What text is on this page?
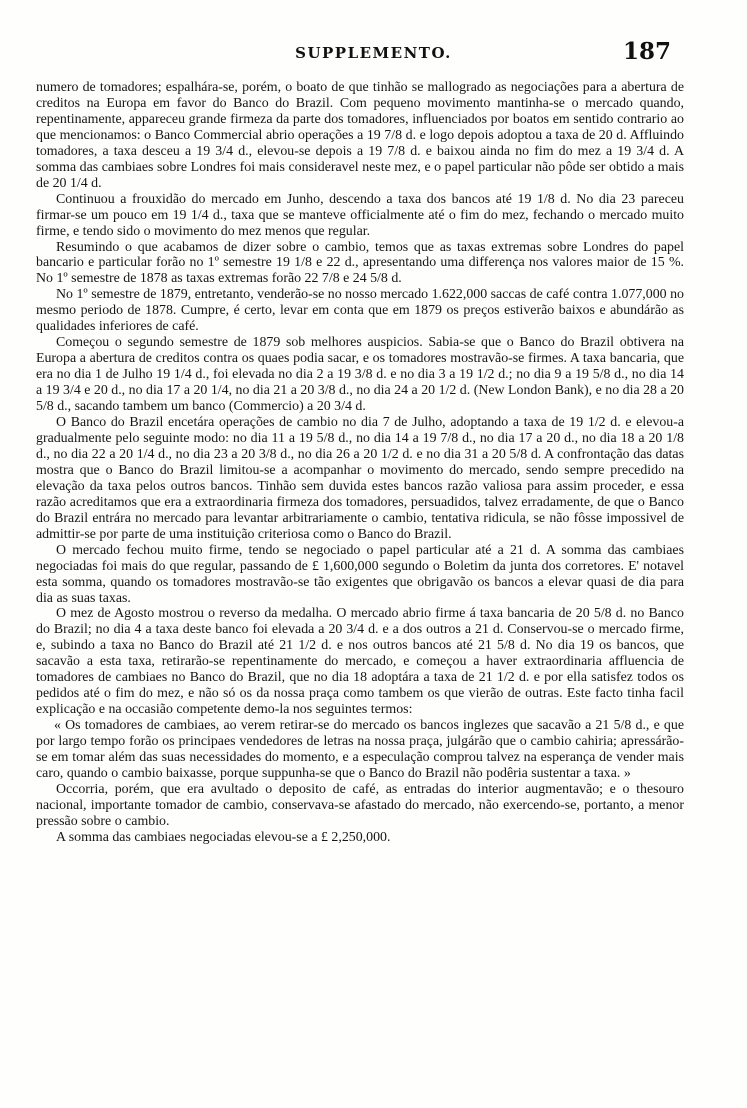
SUPPLEMENTO.	187

numero de tomadores; espalhára-se, porém, o boato de que tinhão se mallogrado as negociações para a abertura de creditos na Europa em favor do Banco do Brazil. Com pequeno movimento mantinha-se o mercado quando, repentinamente, appareceu grande firmeza da parte dos tomadores, influenciados por boatos em sentido contrario ao que mencionamos: o Banco Commercial abrio operações a 19 7/8 d. e logo depois adoptou a taxa de 20 d. Affluindo tomadores, a taxa desceu a 19 3/4 d., elevou-se depois a 19 7/8 d. e baixou ainda no fim do mez a 19 3/4 d. A somma das cambiaes sobre Londres foi mais consideravel neste mez, e o papel particular não pôde ser obtido a mais de 20 1/4 d.

Continuou a frouxidão do mercado em Junho, descendo a taxa dos bancos até 19 1/8 d. No dia 23 pareceu firmar-se um pouco em 19 1/4 d., taxa que se manteve officialmente até o fim do mez, fechando o mercado muito firme, e tendo sido o movimento do mez menos que regular.

Resumindo o que acabamos de dizer sobre o cambio, temos que as taxas extremas sobre Londres do papel bancario e particular forão no 1º semestre 19 1/8 e 22 d., apresentando uma differença nos valores maior de 15 %. No 1º semestre de 1878 as taxas extremas forão 22 7/8 e 24 5/8 d.

No 1º semestre de 1879, entretanto, venderão-se no nosso mercado 1.622,000 saccas de café contra 1.077,000 no mesmo periodo de 1878. Cumpre, é certo, levar em conta que em 1879 os preços estiverão baixos e abundárão as qualidades inferiores de café.

Começou o segundo semestre de 1879 sob melhores auspicios. Sabia-se que o Banco do Brazil obtivera na Europa a abertura de creditos contra os quaes podia sacar, e os tomadores mostravão-se firmes. A taxa bancaria, que era no dia 1 de Julho 19 1/4 d., foi elevada no dia 2 a 19 3/8 d. e no dia 3 a 19 1/2 d.; no dia 9 a 19 5/8 d., no dia 14 a 19 3/4 e 20 d., no dia 17 a 20 1/4, no dia 21 a 20 3/8 d., no dia 24 a 20 1/2 d. (New London Bank), e no dia 28 a 20 5/8 d., sacando tambem um banco (Commercio) a 20 3/4 d.

O Banco do Brazil encetára operações de cambio no dia 7 de Julho, adoptando a taxa de 19 1/2 d. e elevou-a gradualmente pelo seguinte modo: no dia 11 a 19 5/8 d., no dia 14 a 19 7/8 d., no dia 17 a 20 d., no dia 18 a 20 1/8 d., no dia 22 a 20 1/4 d., no dia 23 a 20 3/8 d., no dia 26 a 20 1/2 d. e no dia 31 a 20 5/8 d. A confrontação das datas mostra que o Banco do Brazil limitou-se a acompanhar o movimento do mercado, sendo sempre precedido na elevação da taxa pelos outros bancos. Tinhão sem duvida estes bancos razão valiosa para assim proceder, e essa razão acreditamos que era a extraordinaria firmeza dos tomadores, persuadidos, talvez erradamente, de que o Banco do Brazil entrára no mercado para levantar arbitrariamente o cambio, tentativa ridicula, se não fôsse impossivel de admittir-se por parte de uma instituição criteriosa como o Banco do Brazil.

O mercado fechou muito firme, tendo se negociado o papel particular até a 21 d. A somma das cambiaes negociadas foi mais do que regular, passando de £ 1,600,000 segundo o Boletim da junta dos corretores. E' notavel esta somma, quando os tomadores mostravão-se tão exigentes que obrigavão os bancos a elevar quasi de dia para dia as suas taxas.

O mez de Agosto mostrou o reverso da medalha. O mercado abrio firme á taxa bancaria de 20 5/8 d. no Banco do Brazil; no dia 4 a taxa deste banco foi elevada a 20 3/4 d. e a dos outros a 21 d. Conservou-se o mercado firme, e, subindo a taxa no Banco do Brazil até 21 1/2 d. e nos outros bancos até 21 5/8 d. No dia 19 os bancos, que sacavão a esta taxa, retirarão-se repentinamente do mercado, e começou a haver extraordinaria affluencia de tomadores de cambiaes no Banco do Brazil, que no dia 18 adoptára a taxa de 21 1/2 d. e por ella satisfez todos os pedidos até o fim do mez, e não só os da nossa praça como tambem os que vierão de outras. Este facto tinha facil explicação e na occasião competente demo-la nos seguintes termos:

« Os tomadores de cambiaes, ao verem retirar-se do mercado os bancos inglezes que sacavão a 21 5/8 d., e que por largo tempo forão os principaes vendedores de letras na nossa praça, julgárão que o cambio cahiria; apressárão-se em tomar além das suas necessidades do momento, e a especulação comprou talvez na esperança de vender mais caro, quando o cambio baixasse, porque suppunha-se que o Banco do Brazil não podêria sustentar a taxa. »

Occorria, porém, que era avultado o deposito de café, as entradas do interior augmentavão; e o thesouro nacional, importante tomador de cambio, conservava-se afastado do mercado, não exercendo-se, portanto, a menor pressão sobre o cambio.

A somma das cambiaes negociadas elevou-se a £ 2,250,000.
